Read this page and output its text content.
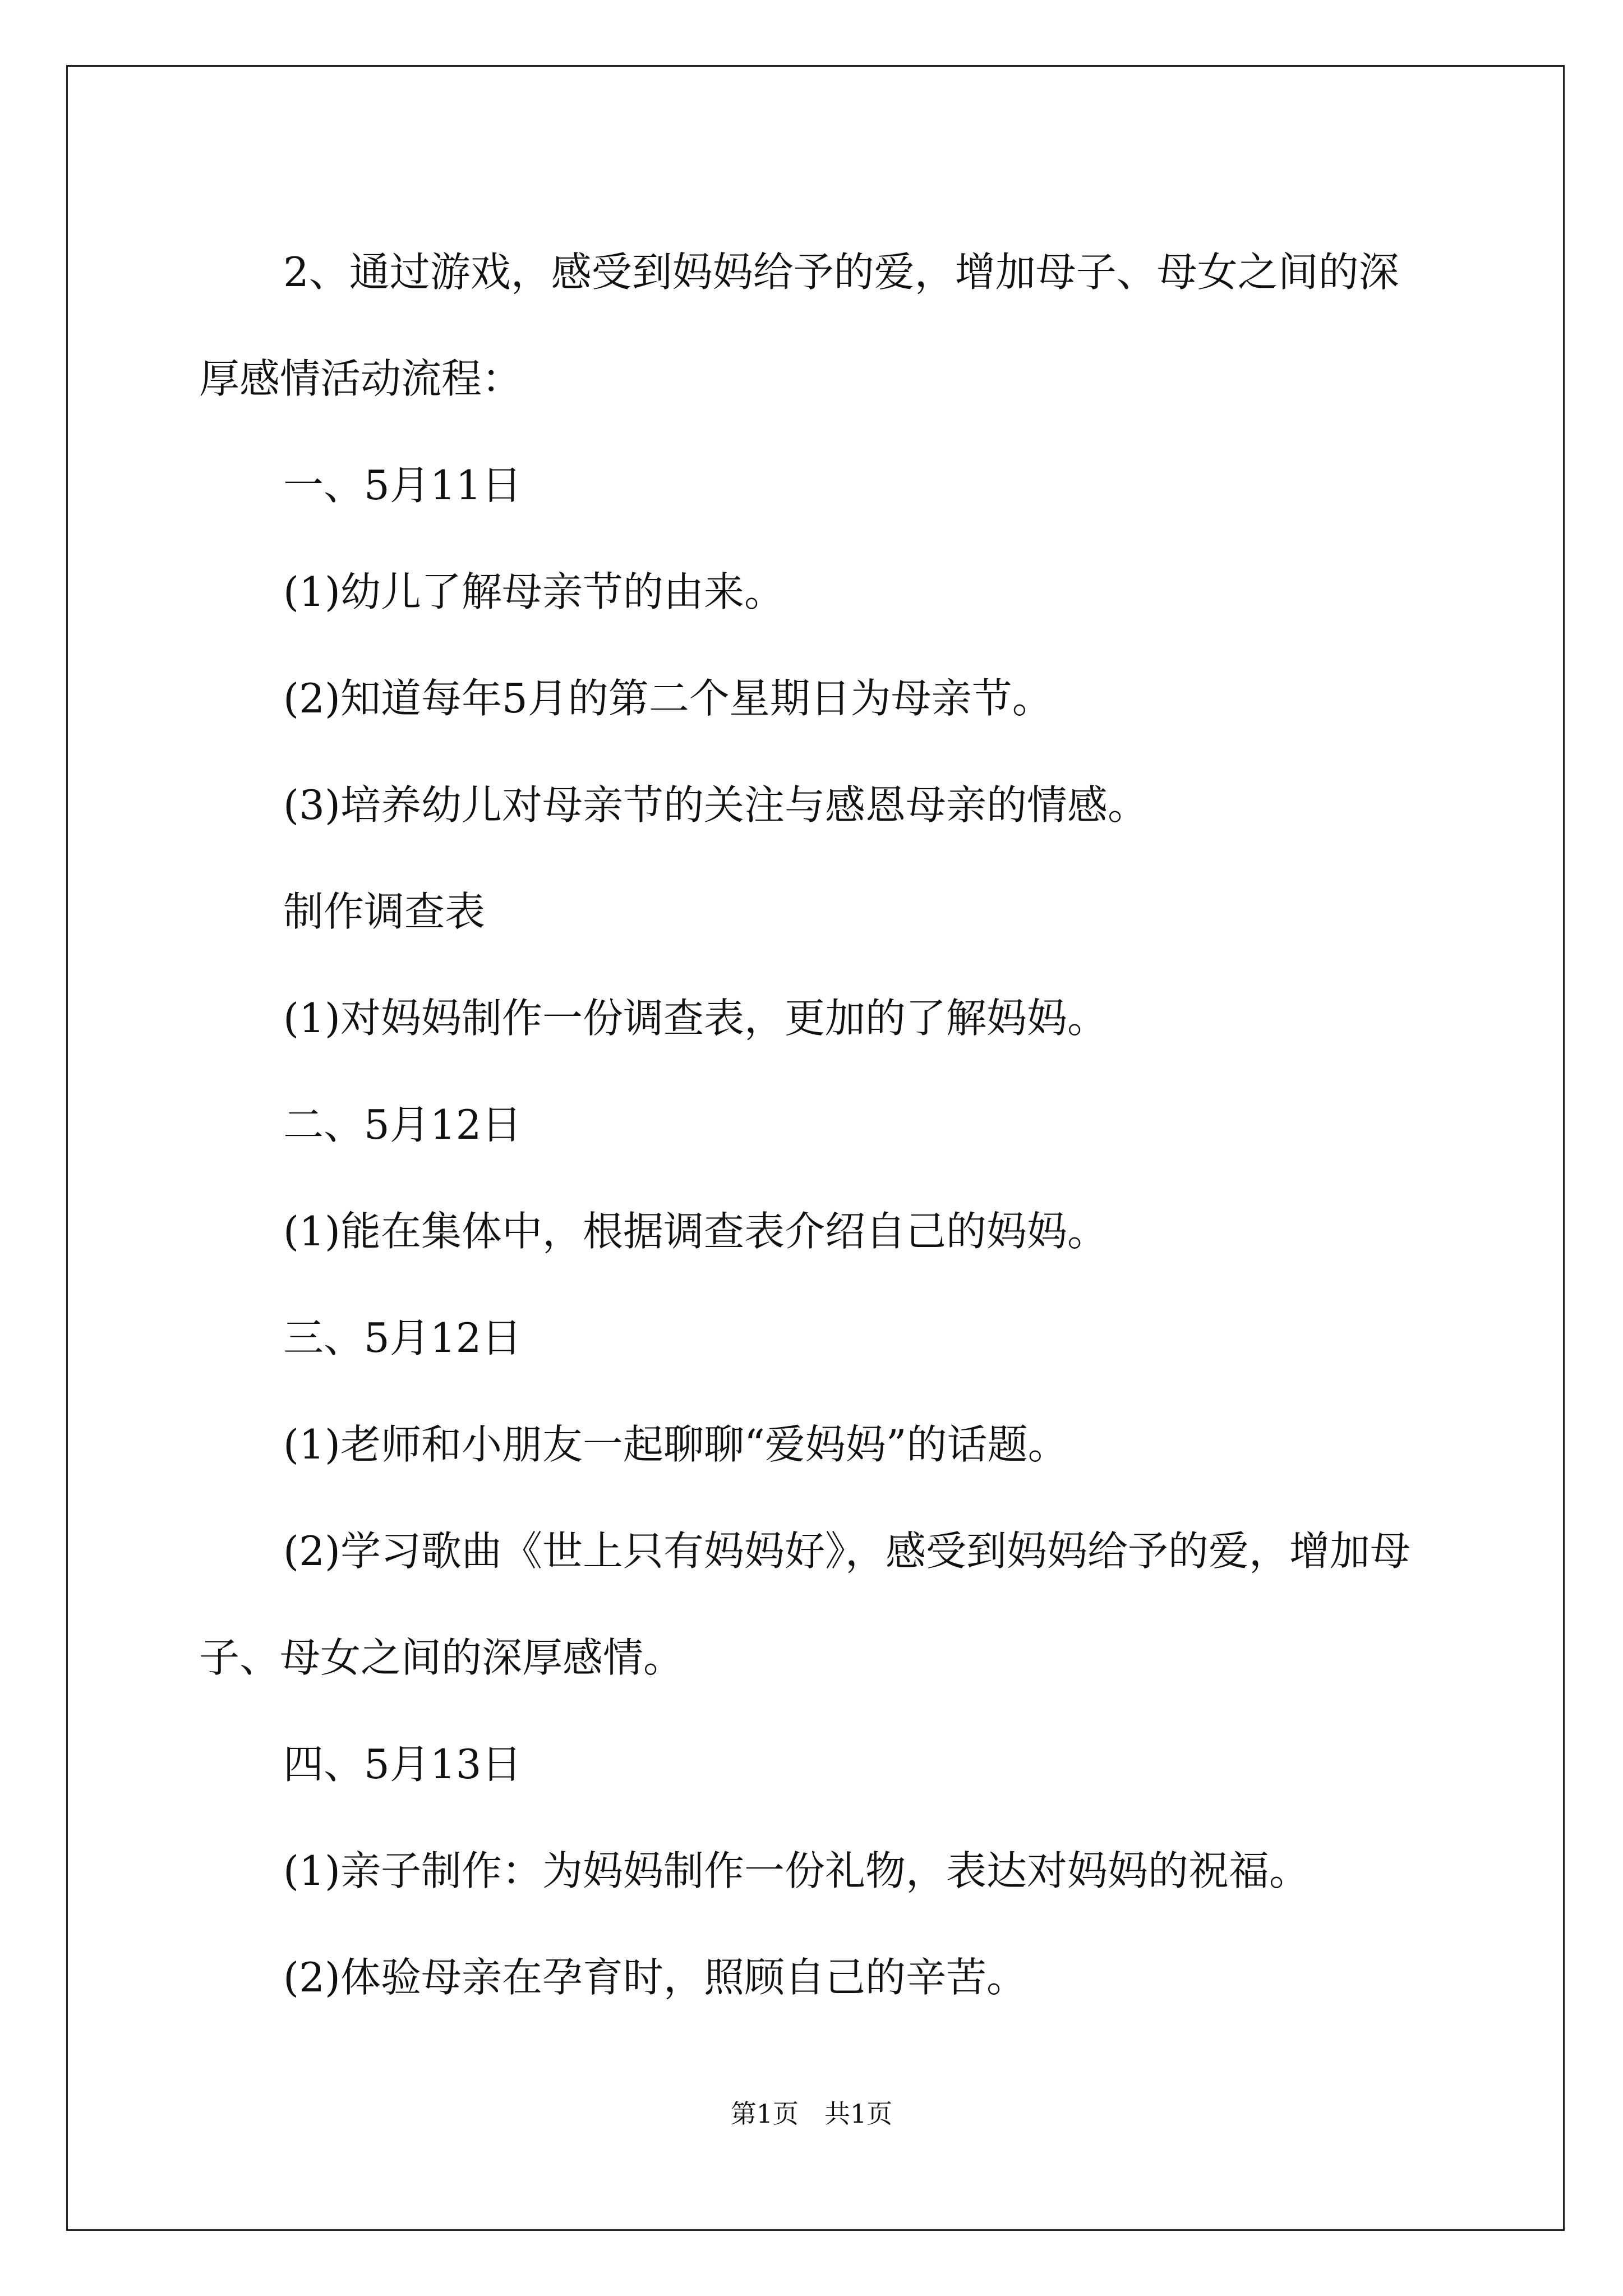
2、通过游戏，感受到妈妈给予的爱，增加母子、母女之间的深厚感情活动流程：

一、5月11日

(1)幼儿了解母亲节的由来。

(2)知道每年5月的第二个星期日为母亲节。

(3)培养幼儿对母亲节的关注与感恩母亲的情感。

制作调查表

(1)对妈妈制作一份调查表，更加的了解妈妈。

二、5月12日

(1)能在集体中，根据调查表介绍自己的妈妈。

三、5月12日

(1)老师和小朋友一起聊聊“爱妈妈”的话题。

(2)学习歌曲《世上只有妈妈好》，感受到妈妈给予的爱，增加母子、母女之间的深厚感情。

四、5月13日

(1)亲子制作：为妈妈制作一份礼物，表达对妈妈的祝福。

(2)体验母亲在孕育时，照顾自己的辛苦。

第1页 共1页
